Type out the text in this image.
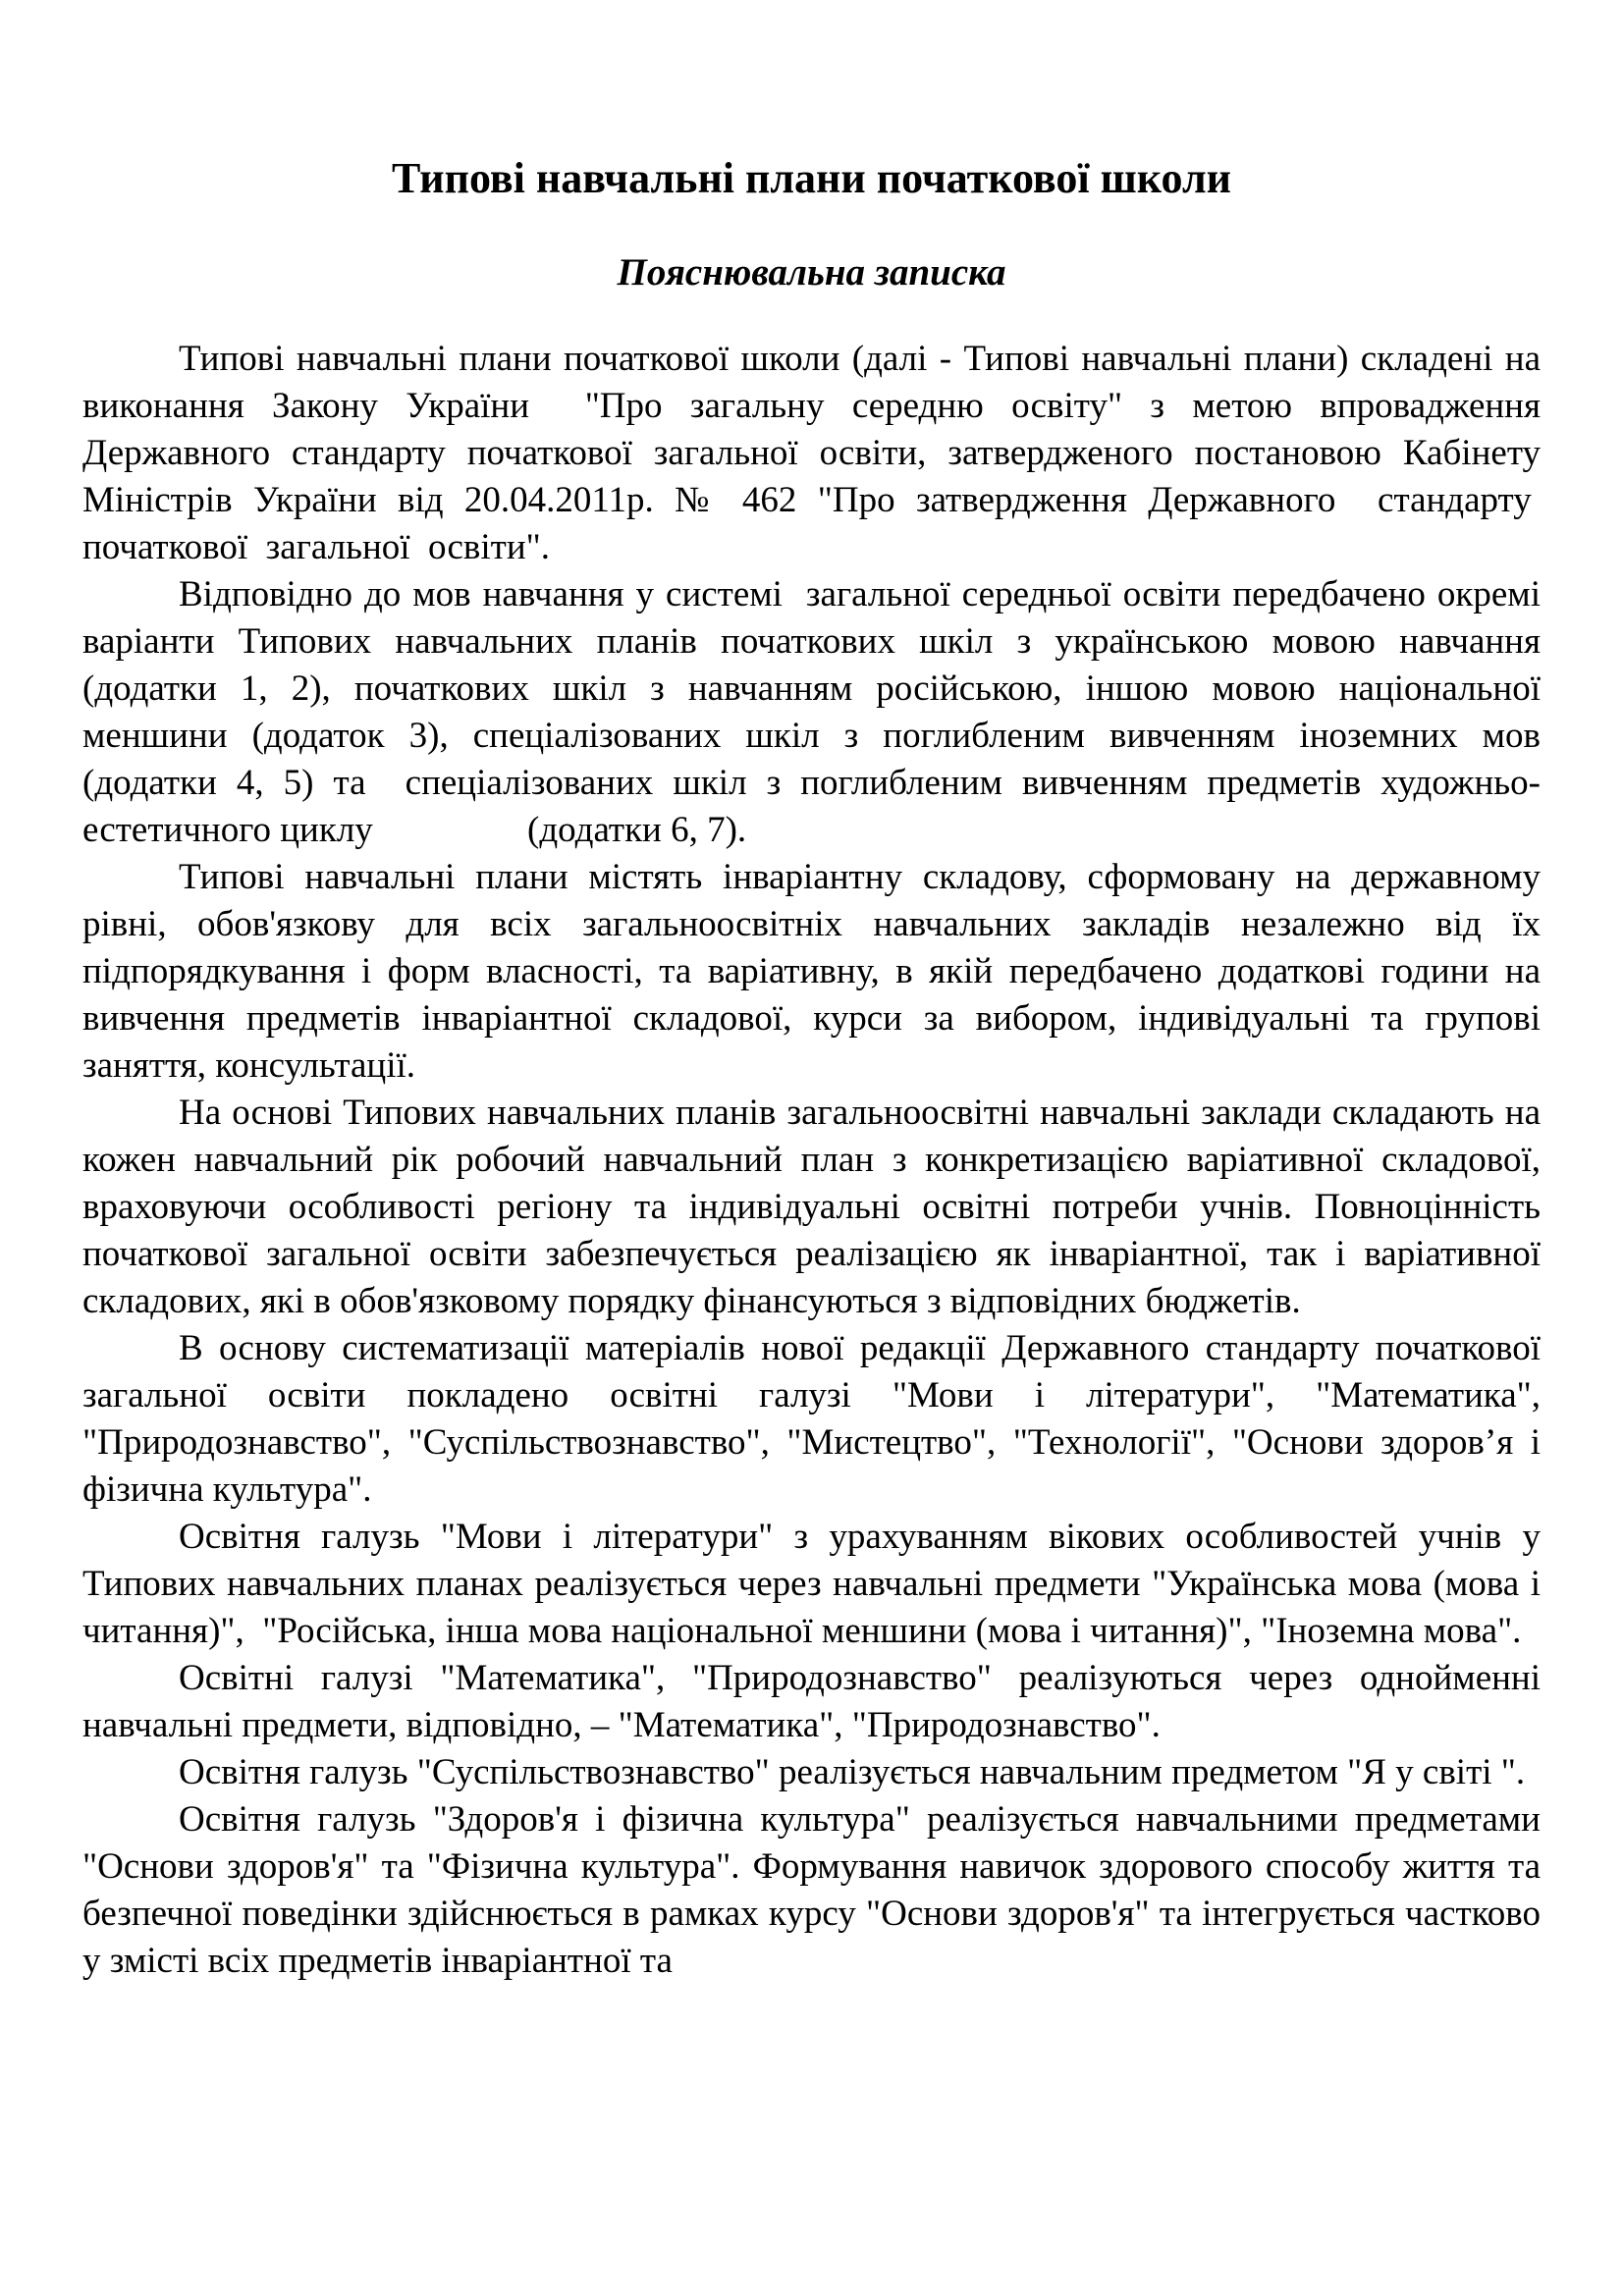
Типові навчальні плани початкової школи
Пояснювальна записка

Типові навчальні плани початкової школи (далі - Типові навчальні плани) складені на виконання Закону України  "Про загальну середню освіту" з метою впровадження Державного стандарту початкової загальної освіти, затвердженого постановою Кабінету Міністрів України від 20.04.2011р. № 462 "Про затвердження Державного  стандарту  початкової  загальної  освіти".

Відповідно до мов навчання у системі  загальної середньої освіти передбачено окремі варіанти Типових навчальних планів початкових шкіл з українською мовою навчання (додатки 1, 2), початкових шкіл з навчанням російською, іншою мовою національної меншини (додаток 3), спеціалізованих шкіл з поглибленим вивченням іноземних мов (додатки 4, 5) та  спеціалізованих шкіл з поглибленим вивченням предметів художньо-естетичного циклу                 (додатки 6, 7).

Типові навчальні плани містять інваріантну складову, сформовану на державному рівні, обов'язкову для всіх загальноосвітніх навчальних закладів незалежно від їх підпорядкування і форм власності, та варіативну, в якій передбачено додаткові години на вивчення предметів інваріантної складової, курси за вибором, індивідуальні та групові заняття, консультації.

На основі Типових навчальних планів загальноосвітні навчальні заклади складають на кожен навчальний рік робочий навчальний план з конкретизацією варіативної складової, враховуючи особливості регіону та індивідуальні освітні потреби учнів. Повноцінність початкової загальної освіти забезпечується реалізацією як інваріантної, так і варіативної складових, які в обов'язковому порядку фінансуються з відповідних бюджетів.

В основу систематизації матеріалів нової редакції Державного стандарту початкової загальної освіти покладено освітні галузі "Мови і літератури", "Математика", "Природознавство", "Суспільствознавство", "Мистецтво", "Технології", "Основи здоров’я і фізична культура".

Освітня галузь "Мови і літератури" з урахуванням вікових особливостей учнів у Типових навчальних планах реалізується через навчальні предмети "Українська мова (мова і читання)",  "Російська, інша мова національної меншини (мова і читання)", "Іноземна мова".

Освітні галузі "Математика", "Природознавство" реалізуються через однойменні навчальні предмети, відповідно, – "Математика", "Природознавство".

Освітня галузь "Суспільствознавство" реалізується навчальним предметом "Я у світі ".

Освітня галузь "Здоров'я і фізична культура" реалізується навчальними предметами "Основи здоров'я" та "Фізична культура". Формування навичок здорового способу життя та безпечної поведінки здійснюється в рамках курсу "Основи здоров'я" та інтегрується частково у змісті всіх предметів інваріантної та
